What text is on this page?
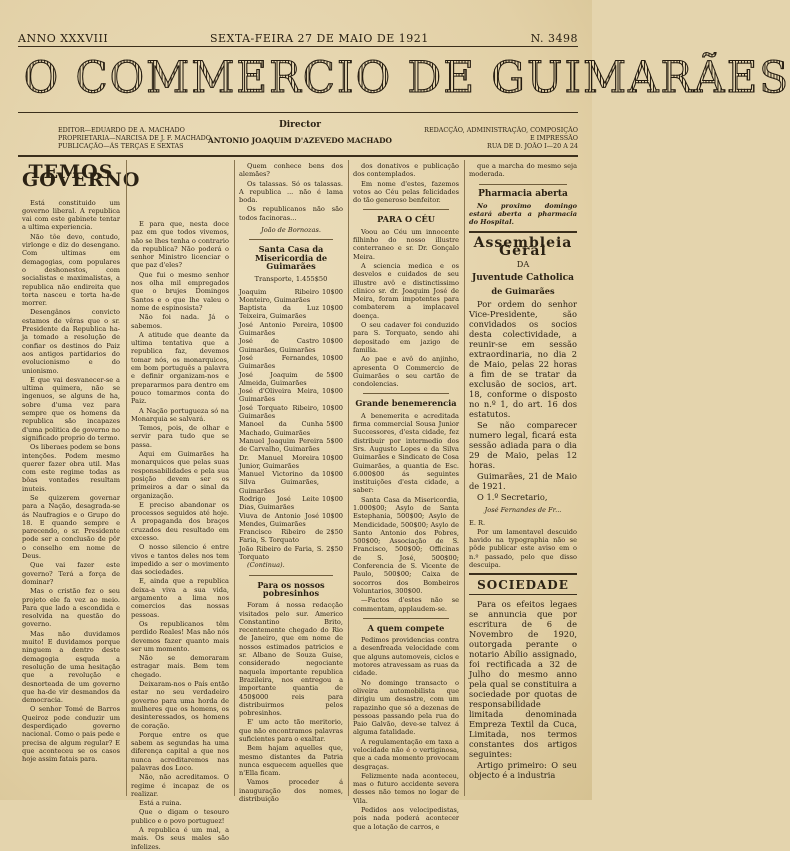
ANNO XXXVIII	SEXTA-FEIRA 27 DE MAIO DE 1921	N. 3498
O COMMERCIO DE GUIMARÃES
EDITOR—EDUARDO DE A. MACHADO
PROPRIETARIA—NARCISA DE J. F. MACHADO
PUBLICAÇÃO—ÁS TERÇAS E SEXTAS
Director
ANTONIO JOAQUIM D'AZEVEDO MACHADO
REDACÇÃO, ADMINISTRAÇÃO, COMPOSIÇÃO
E IMPRESSÃO
RUA DE D. JOÃO I—20 A 24
TEMOS GOVERNO

Está constituido um governo liberal. A republica vai com este gabinete tentar a ultima experiencia.

Não tôe devo, contudo, virlonge e diz do desengano. Com ultimas em demagogias, com populares o deshonestos, com socialistas e maximalistas, a republica não endireita que torta nasceu e torta ha-de morrer.

Desengânos convicto estamos de vêras que o sr. Presidente da Republica ha-ja tomado a resolução de confiar os destinos do Paiz aos antigos partidarios do evolucionismo e do unionismo.

E que vai desvanecer-se a ultima quimera, não se ingenuos, se alguns de ha, sobre d'uma vez para sempre que os homens da republica são incapazes d'uma politica de governo no significado proprio do termo.

Os liberaes podem se bons intenções. Podem mesmo querer fazer obra util. Mas com este regime todas as bôas vontades resultam inuteis.

Se quizerem governar para a Nação, desagrada-se ás Naufragios e o Grupo do 18. E quando sempre e parecendo, o sr. Presidente pode ser a conclusão de pôr o conselho em nome de Deus.

Que vai fazer este governo? Terá a força de dominar?

Mas o cristão fez o seu projeto ele fa vez ao meio. Para que lado a escondida e resolvida na questão do governo.

Mas não duvidamos muito! E duvidamos porque ninguem a dentro deste demagogia esquda a resolução de uma hesitação que a revolução e desnorteada de um governo que ha-de vir desmandos da democracia.

O senhor Tomé de Barros Queiroz pode conduzir um desperdiçado governo nacional. Como o pais pede e precisa de algum regular? E que aconteceu se os casos hoje assim fatais para.

E para que, nesta doce paz em que todos vivemos, não se lhes tenha o contrario da republica? Não poderá o senhor Ministro licenciar o que paz d'eles?

Que fui o mesmo senhor nos olha mil empregados que o brujes Domingos Santos e o que lhe valeu o nome de espinosista?

Não foi nada. Já o sabemos.

A atitude que deante da ultima tentativa que a republica faz, devemos tomar nós, os monarquicos, em bom português a palavra e definir organizam-nos e prepararmos para dentro em pouco tomarmos conta do Paiz.

A Nação portugueza só na Monarquia se salvará.

Temos, pois, de olhar e servir para tudo que se passa.

Aqui em Guimarães ha monarquicos que pelas suas responsabilidades e pela sua posição devem ser os primeiros a dar o sinal da organização.

E preciso abandonar os processos seguidos até hoje. A propaganda dos braços cruzados deu resultado em excesso.

O nosso silencio é entre vivos e tantos deles nos tem impedido a ser o movimento das sociedades.

E, ainda que a republica deixa-a viva a sua vida, argamento a lima nos comercios das nossas pessoas.

Os republicanos têm perdido Reales! Mas não nós devemos fazer quanto mais ser um momento.

Não se demoraram estragar mais. Bem tem chegado.

Deixaram-nos o País então estar no seu verdadeiro governo para uma horda de mulheres que os homens, os desinteressados, os homens de coração.

Porque entre os que sabem as segundas ha uma diferença capital a que nos nunca acreditaremos nas palavras dos Loco.

Não, não acreditamos. O regime é incapaz de os realizar.

Está a ruina.

Que o digam o tesouro publico e o povo portuguez!

A republica é um mal, a mais. Os seus males são infelizes.

Quem conhece bens dos alemães?

Os talassas. Só os talassas. A republica ... não é lama boda.

Os republicanos não são todos facinoras...

João de Bornozas.
Santa Casa da Misericordia de Guimarães
Transporte, 1.455$50
Joaquim Ribeiro Monteiro, Guimarães
10$00
Baptista da Luz Teixeira, Guimarães
10$00
José Antonio Pereira, Guimarães
10$00
José de Castro Guimarães, Guimarães
10$00
José Fernandes, Guimarães
10$00
José Joaquim de Almeida, Guimarães
5$00
José d'Oliveira Meira, Guimarães
10$00
José Torquato Ribeiro, Guimarães
10$00
Manoel da Cunha Machado, Guimarães
5$00
Manuel Joaquim Pereira de Carvalho, Guimarães
5$00
Dr. Manuel Moreira Junior, Guimarães
10$00
Manuel Victorino da Silva Guimarães, Guimarães
10$00
Rodrigo José Leite Dias, Guimarães
10$00
Viuva de Antonio José Mendes, Guimarães
10$00
Francisco Ribeiro de Faria, S. Torquato
2$50
João Ribeiro de Faria, S. Torquato
2$50

(Continua).

Para os nossos pobresinhos

Foram á nossa redacção visitados pelo sur. Americo Constantino Brito, recentemente chegado do Rio de Janeiro, que em nome de nossos estimados patricios e sr. Albano de Souza Guise, considerado negociante naquela importante republica Brazileira, nos entregou a importante quantia de 450$000 reis para distribuirmos pelos pobresinhos.

E' um acto tão meritorio, que não encontramos palavras suficientes para o exaltar.

Bem hajam aquelles que, mesmo distantes da Patria nunca esquecem aquelles que n'Ella ficam.

Vamos proceder á inauguração dos nomes, distribuição

dos donativos e publicação dos contemplados.

Em nome d'estes, fazemos votos ao Céu pelas felicidades do tão generoso benfeitor.

PARA O CÉU

Voou ao Céu um innocente filhinho do nosso illustre conterraneo e sr. Dr. Gonçalo Meira.

A sciencia medica e os desvelos e cuidados de seu illustre avô e distinctissimo clinico sr. dr. Joaquim José de Meira, foram impotentes para combaterem a implacavel doença.

O seu cadaver foi conduzido para S. Torquato, sendo ahi depositado em jazigo de familia.

Ao pae e avô do anjinho, apresenta O Commercio de Guimarães o seu cartão de condolencias.

Grande benemerencia

A benemerita e acreditada firma commercial Sousa Junior Successores, d'esta cidade, fez distribuir por intermedio dos Srs. Augusto Lopes e da Silva Guimarães e Sindicato de Cosa Guimarães, a quantia de Esc. 6.000$00 ás seguintes instituições d'esta cidade, a saber:

Santa Casa da Misericordia, 1.000$00; Asylo de Santa Estephania, 500$00; Asylo de Mendicidade, 500$00; Asylo de Santo Antonio dos Pobres, 500$00; Associação de S. Francisco, 500$00; Officinas de S. José, 500$00; Conferencia de S. Vicente de Paulo, 500$00; Caixa de socorros dos Bombeiros Voluntarios, 300$00.

—Factos d'estes não se commentam, applaudem-se.

A quem compete

Pedimos providencias contra a desenfreada velocidade com que alguns automoveis, ciclos e motores atravessam as ruas da cidade.

No domingo transacto o oliveira automobilista que dirigiu um desastre, com um rapazinho que só a dezenas de pessoas passando pela rua do Paio Galvão, deve-se talvez á alguma fatalidade.

A regulamentação em taxa a velocidade não é o vertiginosa, que a cada momento provocam desgraças.

Felizmente nada aconteceu, mas o futuro accidente severa desses não temos no logar de Vila.

Pedidos aos velocipedistas, pois nada poderá acontecer que a lotação de carros, e

que a marcha do mesmo seja moderada.

Pharmacia aberta

No proximo domingo estará aberta a pharmacia do Hospital.

Assembleia Geral
DA
Juventude Catholica
de Guimarães

Por ordem do senhor Vice-Presidente, são convidados os socios desta colectividade, a reunir-se em sessão extraordinaria, no dia 2 de Maio, pelas 22 horas a fim de se tratar da exclusão de socios, art. 18, conforme o disposto no n.º 1, do art. 16 dos estatutos.

Se não comparecer numero legal, ficará esta sessão adiada para o dia 29 de Maio, pelas 12 horas.

Guimarães, 21 de Maio de 1921.

O 1.º Secretario,

José Fernandes de Fr...

E. R.

Por um lamentavel descuido havido na typographia não se pôde publicar este aviso em o n.º passado, pelo que disso descuipa.

SOCIEDADE

Para os efeitos legaes se annuncia que por escritura de 6 de Novembro de 1920, outorgada perante o notario Abílio assignado, foi rectificada a 32 de Julho do mesmo anno pela qual se constituira a sociedade por quotas de responsabilidade limitada denominada Empreza Textil da Cuca, Limitada, nos termos constantes dos artigos seguintes:

Artigo primeiro: O seu objecto é a industria
